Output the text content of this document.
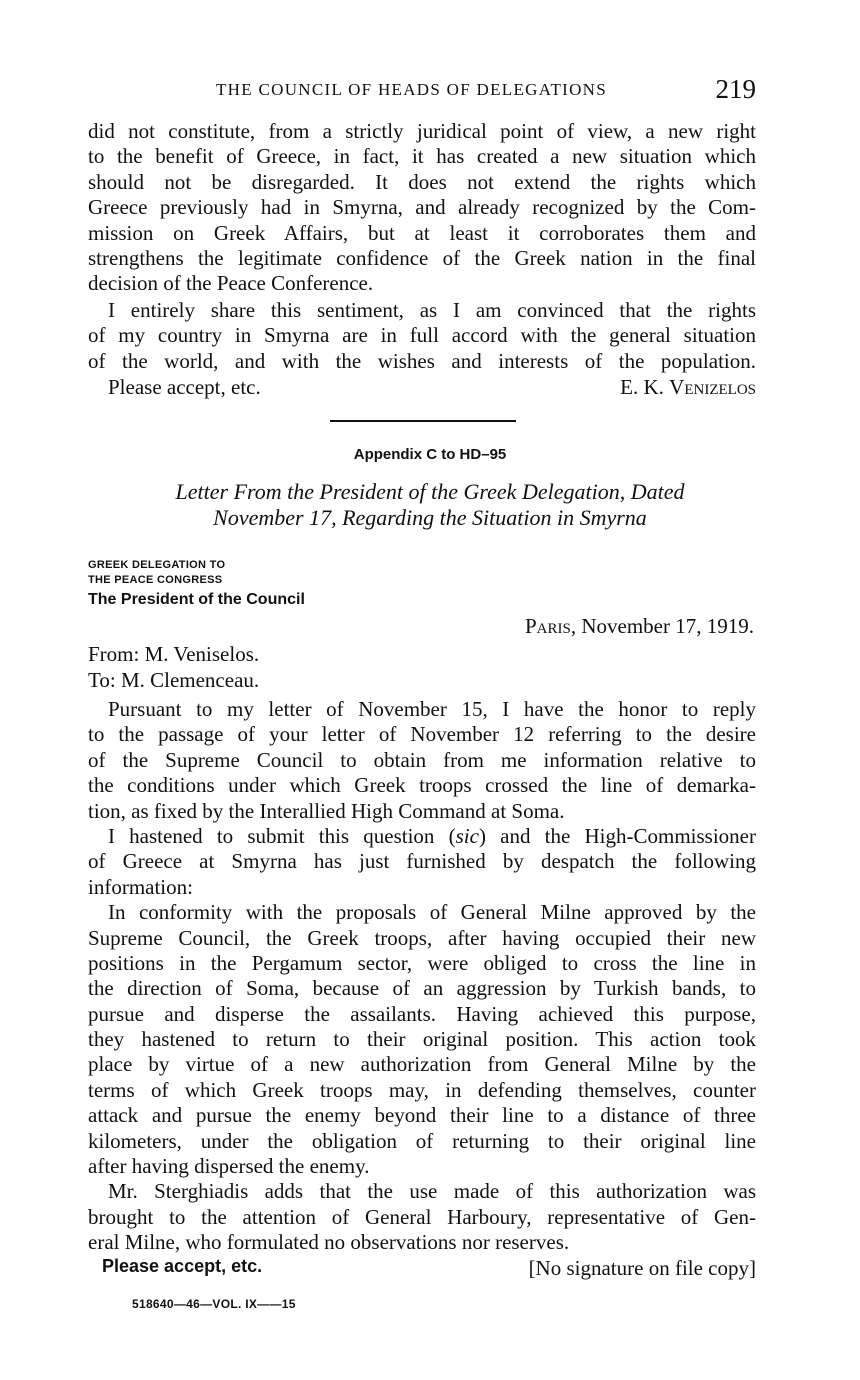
THE COUNCIL OF HEADS OF DELEGATIONS	219
did not constitute, from a strictly juridical point of view, a new right
to the benefit of Greece, in fact, it has created a new situation which
should not be disregarded. It does not extend the rights which
Greece previously had in Smyrna, and already recognized by the Com-
mission on Greek Affairs, but at least it corroborates them and
strengthens the legitimate confidence of the Greek nation in the final
decision of the Peace Conference.
I entirely share this sentiment, as I am convinced that the rights
of my country in Smyrna are in full accord with the general situation
of the world, and with the wishes and interests of the population.
Please accept, etc.	E. K. Venizelos
Appendix C to HD–95
Letter From the President of the Greek Delegation, Dated
November 17, Regarding the Situation in Smyrna
GREEK DELEGATION TO
THE PEACE CONGRESS
The President of the Council
Paris, November 17, 1919.
From: M. Veniselos.
To: M. Clemenceau.
Pursuant to my letter of November 15, I have the honor to reply
to the passage of your letter of November 12 referring to the desire
of the Supreme Council to obtain from me information relative to
the conditions under which Greek troops crossed the line of demarka-
tion, as fixed by the Interallied High Command at Soma.
I hastened to submit this question (sic) and the High-Commissioner
of Greece at Smyrna has just furnished by despatch the following
information:
In conformity with the proposals of General Milne approved by the
Supreme Council, the Greek troops, after having occupied their new
positions in the Pergamum sector, were obliged to cross the line in
the direction of Soma, because of an aggression by Turkish bands, to
pursue and disperse the assailants. Having achieved this purpose,
they hastened to return to their original position. This action took
place by virtue of a new authorization from General Milne by the
terms of which Greek troops may, in defending themselves, counter
attack and pursue the enemy beyond their line to a distance of three
kilometers, under the obligation of returning to their original line
after having dispersed the enemy.
Mr. Sterghiadis adds that the use made of this authorization was
brought to the attention of General Harboury, representative of Gen-
eral Milne, who formulated no observations nor reserves.
Please accept, etc.	[No signature on file copy]
518640—46—VOL. IX——15
